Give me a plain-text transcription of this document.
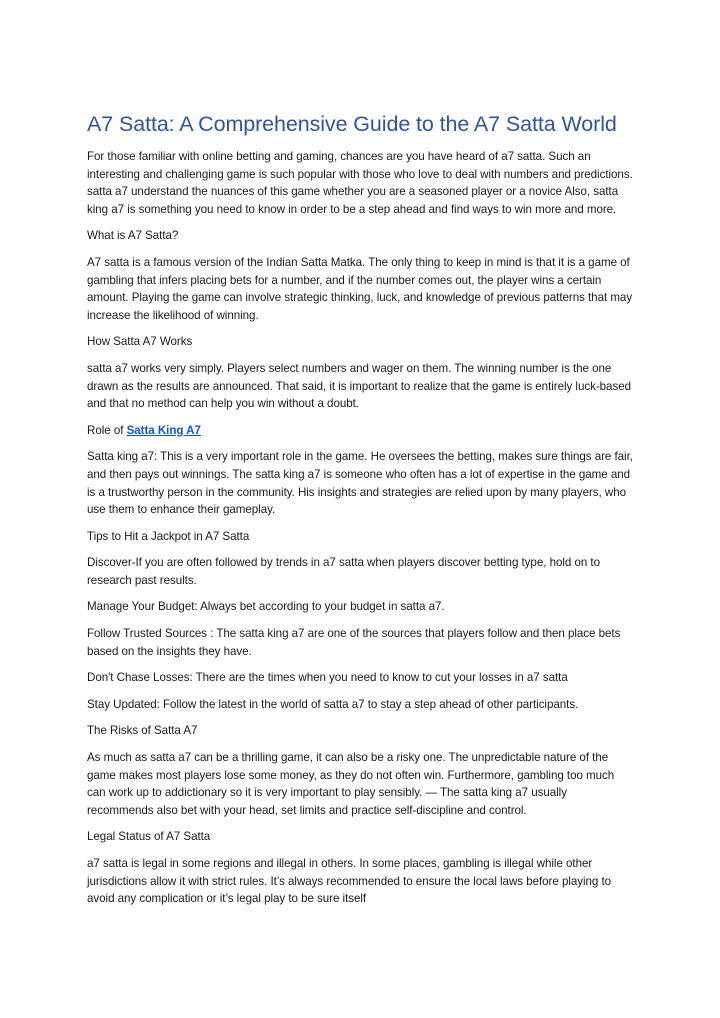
A7 Satta: A Comprehensive Guide to the A7 Satta World

For those familiar with online betting and gaming, chances are you have heard of a7 satta. Such an interesting and challenging game is such popular with those who love to deal with numbers and predictions. satta a7 understand the nuances of this game whether you are a seasoned player or a novice Also, satta king a7 is something you need to know in order to be a step ahead and find ways to win more and more.

What is A7 Satta?

A7 satta is a famous version of the Indian Satta Matka. The only thing to keep in mind is that it is a game of gambling that infers placing bets for a number, and if the number comes out, the player wins a certain amount. Playing the game can involve strategic thinking, luck, and knowledge of previous patterns that may increase the likelihood of winning.

How Satta A7 Works

satta a7 works very simply. Players select numbers and wager on them. The winning number is the one drawn as the results are announced. That said, it is important to realize that the game is entirely luck-based and that no method can help you win without a doubt.

Role of Satta King A7

Satta king a7: This is a very important role in the game. He oversees the betting, makes sure things are fair, and then pays out winnings. The satta king a7 is someone who often has a lot of expertise in the game and is a trustworthy person in the community. His insights and strategies are relied upon by many players, who use them to enhance their gameplay.

Tips to Hit a Jackpot in A7 Satta

Discover-If you are often followed by trends in a7 satta when players discover betting type, hold on to research past results.

Manage Your Budget: Always bet according to your budget in satta a7.

Follow Trusted Sources : The satta king a7 are one of the sources that players follow and then place bets based on the insights they have.

Don't Chase Losses: There are the times when you need to know to cut your losses in a7 satta

Stay Updated: Follow the latest in the world of satta a7 to stay a step ahead of other participants.

The Risks of Satta A7

As much as satta a7 can be a thrilling game, it can also be a risky one. The unpredictable nature of the game makes most players lose some money, as they do not often win. Furthermore, gambling too much can work up to addictionary so it is very important to play sensibly. — The satta king a7 usually recommends also bet with your head, set limits and practice self-discipline and control.

Legal Status of A7 Satta

a7 satta is legal in some regions and illegal in others. In some places, gambling is illegal while other jurisdictions allow it with strict rules. It’s always recommended to ensure the local laws before playing to avoid any complication or it’s legal play to be sure itself
